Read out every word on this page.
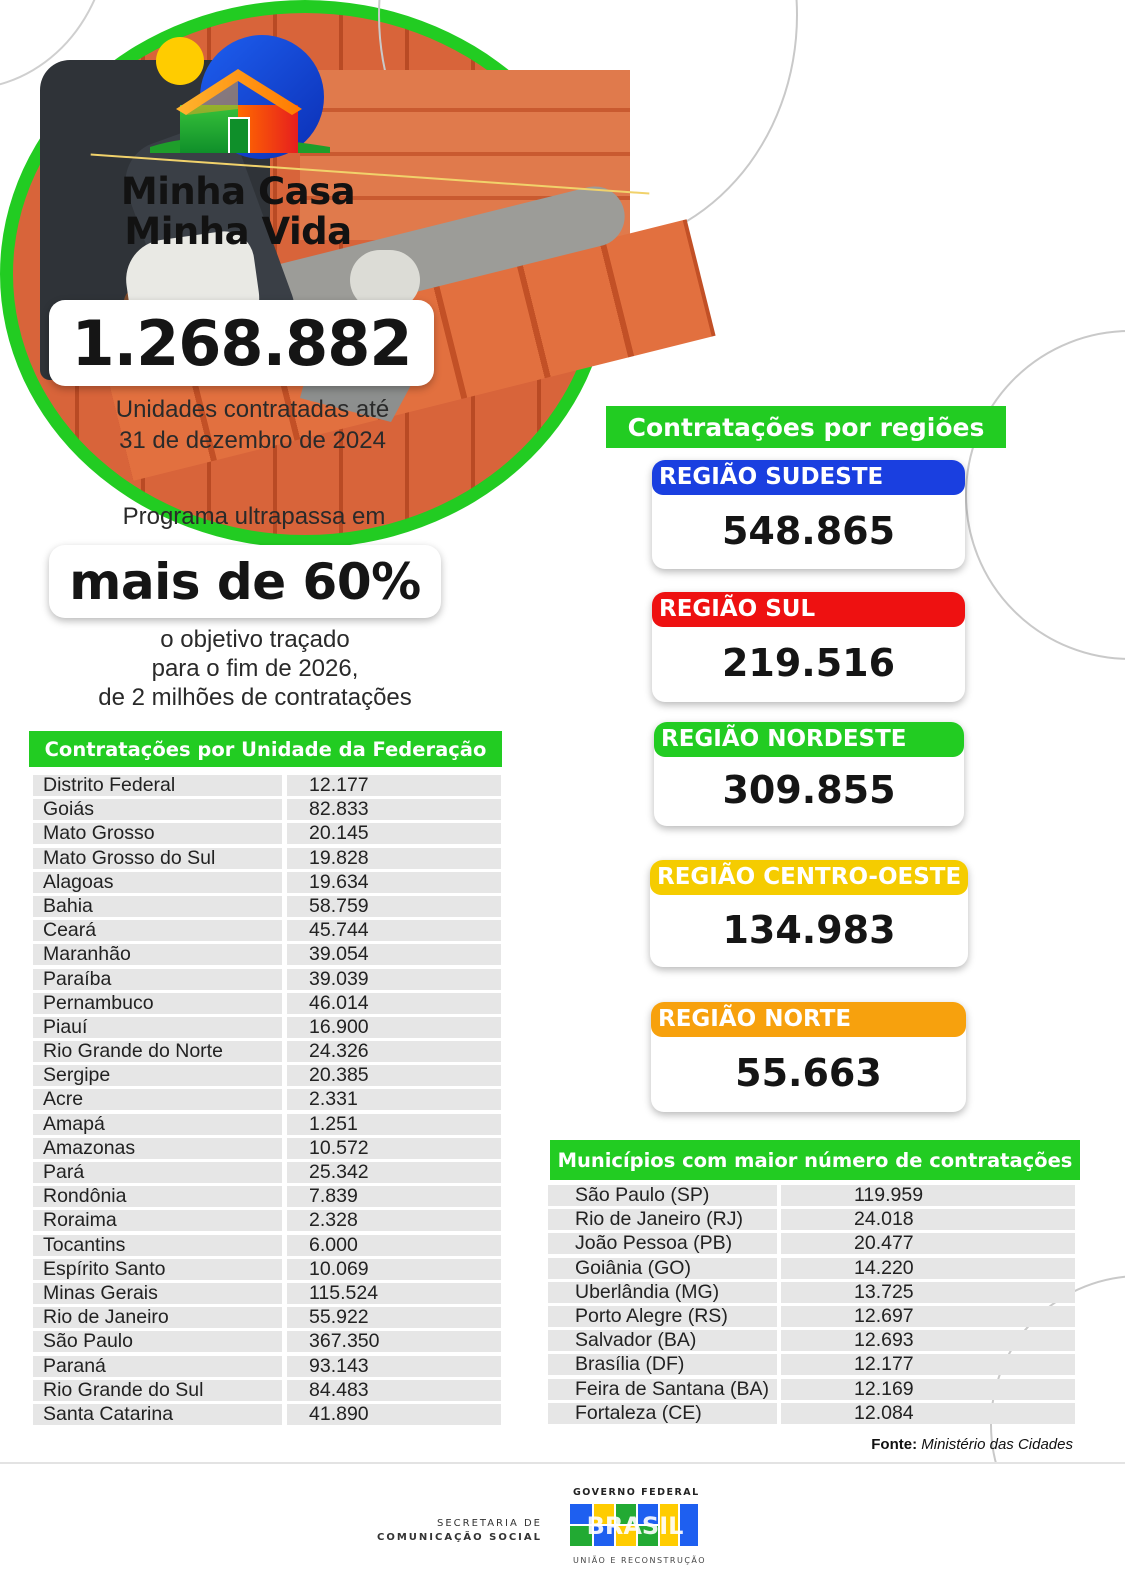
Minha Casa
Minha Vida
1.268.882
Unidades contratadas até
31 de dezembro de 2024
Programa ultrapassa em
mais de 60%
o objetivo traçado
para o fim de 2026,
de 2 milhões de contratações
Contratações por Unidade da Federação
Distrito Federal	12.177
Goiás	82.833
Mato Grosso	20.145
Mato Grosso do Sul	19.828
Alagoas	19.634
Bahia	58.759
Ceará	45.744
Maranhão	39.054
Paraíba	39.039
Pernambuco	46.014
Piauí	16.900
Rio Grande do Norte	24.326
Sergipe	20.385
Acre	2.331
Amapá	1.251
Amazonas	10.572
Pará	25.342
Rondônia	7.839
Roraima	2.328
Tocantins	6.000
Espírito Santo	10.069
Minas Gerais	115.524
Rio de Janeiro	55.922
São Paulo	367.350
Paraná	93.143
Rio Grande do Sul	84.483
Santa Catarina	41.890
Contratações por regiões
REGIÃO SUDESTE
548.865
REGIÃO SUL
219.516
REGIÃO NORDESTE
309.855
REGIÃO CENTRO-OESTE
134.983
REGIÃO NORTE
55.663
Municípios com maior número de contratações
São Paulo (SP)	119.959
Rio de Janeiro (RJ)	24.018
João Pessoa (PB)	20.477
Goiânia (GO)	14.220
Uberlândia (MG)	13.725
Porto Alegre (RS)	12.697
Salvador (BA)	12.693
Brasília (DF)	12.177
Feira de Santana (BA)	12.169
Fortaleza (CE)	12.084
Fonte: Ministério das Cidades
SECRETARIA DE
COMUNICAÇÃO SOCIAL
GOVERNO FEDERAL
BRASIL
UNIÃO E RECONSTRUÇÃO
